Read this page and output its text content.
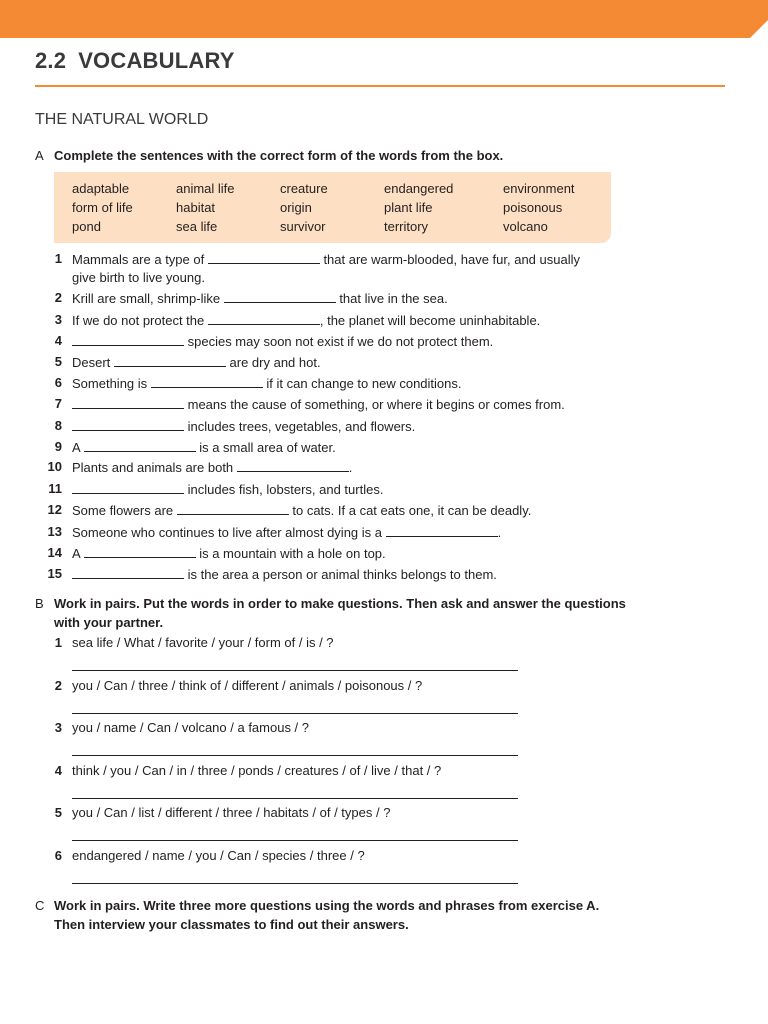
2.2 VOCABULARY
THE NATURAL WORLD
A Complete the sentences with the correct form of the words from the box.
adaptable	animal life	creature	endangered	environment
form of life	habitat	origin	plant life	poisonous
pond	sea life	survivor	territory	volcano
1 Mammals are a type of	that are warm-blooded, have fur, and usually
give birth to live young.
2 Krill are small, shrimp-like	that live in the sea.
3 If we do not protect the	, the planet will become uninhabitable.
4	species may soon not exist if we do not protect them.
5 Desert	are dry and hot.
6 Something is	if it can change to new conditions.
7	means the cause of something, or where it begins or comes from.
8	includes trees, vegetables, and flowers.
9 A	is a small area of water.
10 Plants and animals are both	.
11	includes fish, lobsters, and turtles.
12 Some flowers are	to cats. If a cat eats one, it can be deadly.
13 Someone who continues to live after almost dying is a	.
14 A	is a mountain with a hole on top.
15	is the area a person or animal thinks belongs to them.
B Work in pairs. Put the words in order to make questions. Then ask and answer the questions
with your partner.
1 sea life / What / favorite / your / form of / is / ?
2 you / Can / three / think of / different / animals / poisonous / ?
3 you / name / Can / volcano / a famous / ?
4 think / you / Can / in / three / ponds / creatures / of / live / that / ?
5 you / Can / list / different / three / habitats / of / types / ?
6 endangered / name / you / Can / species / three / ?
C Work in pairs. Write three more questions using the words and phrases from exercise A.
Then interview your classmates to find out their answers.
